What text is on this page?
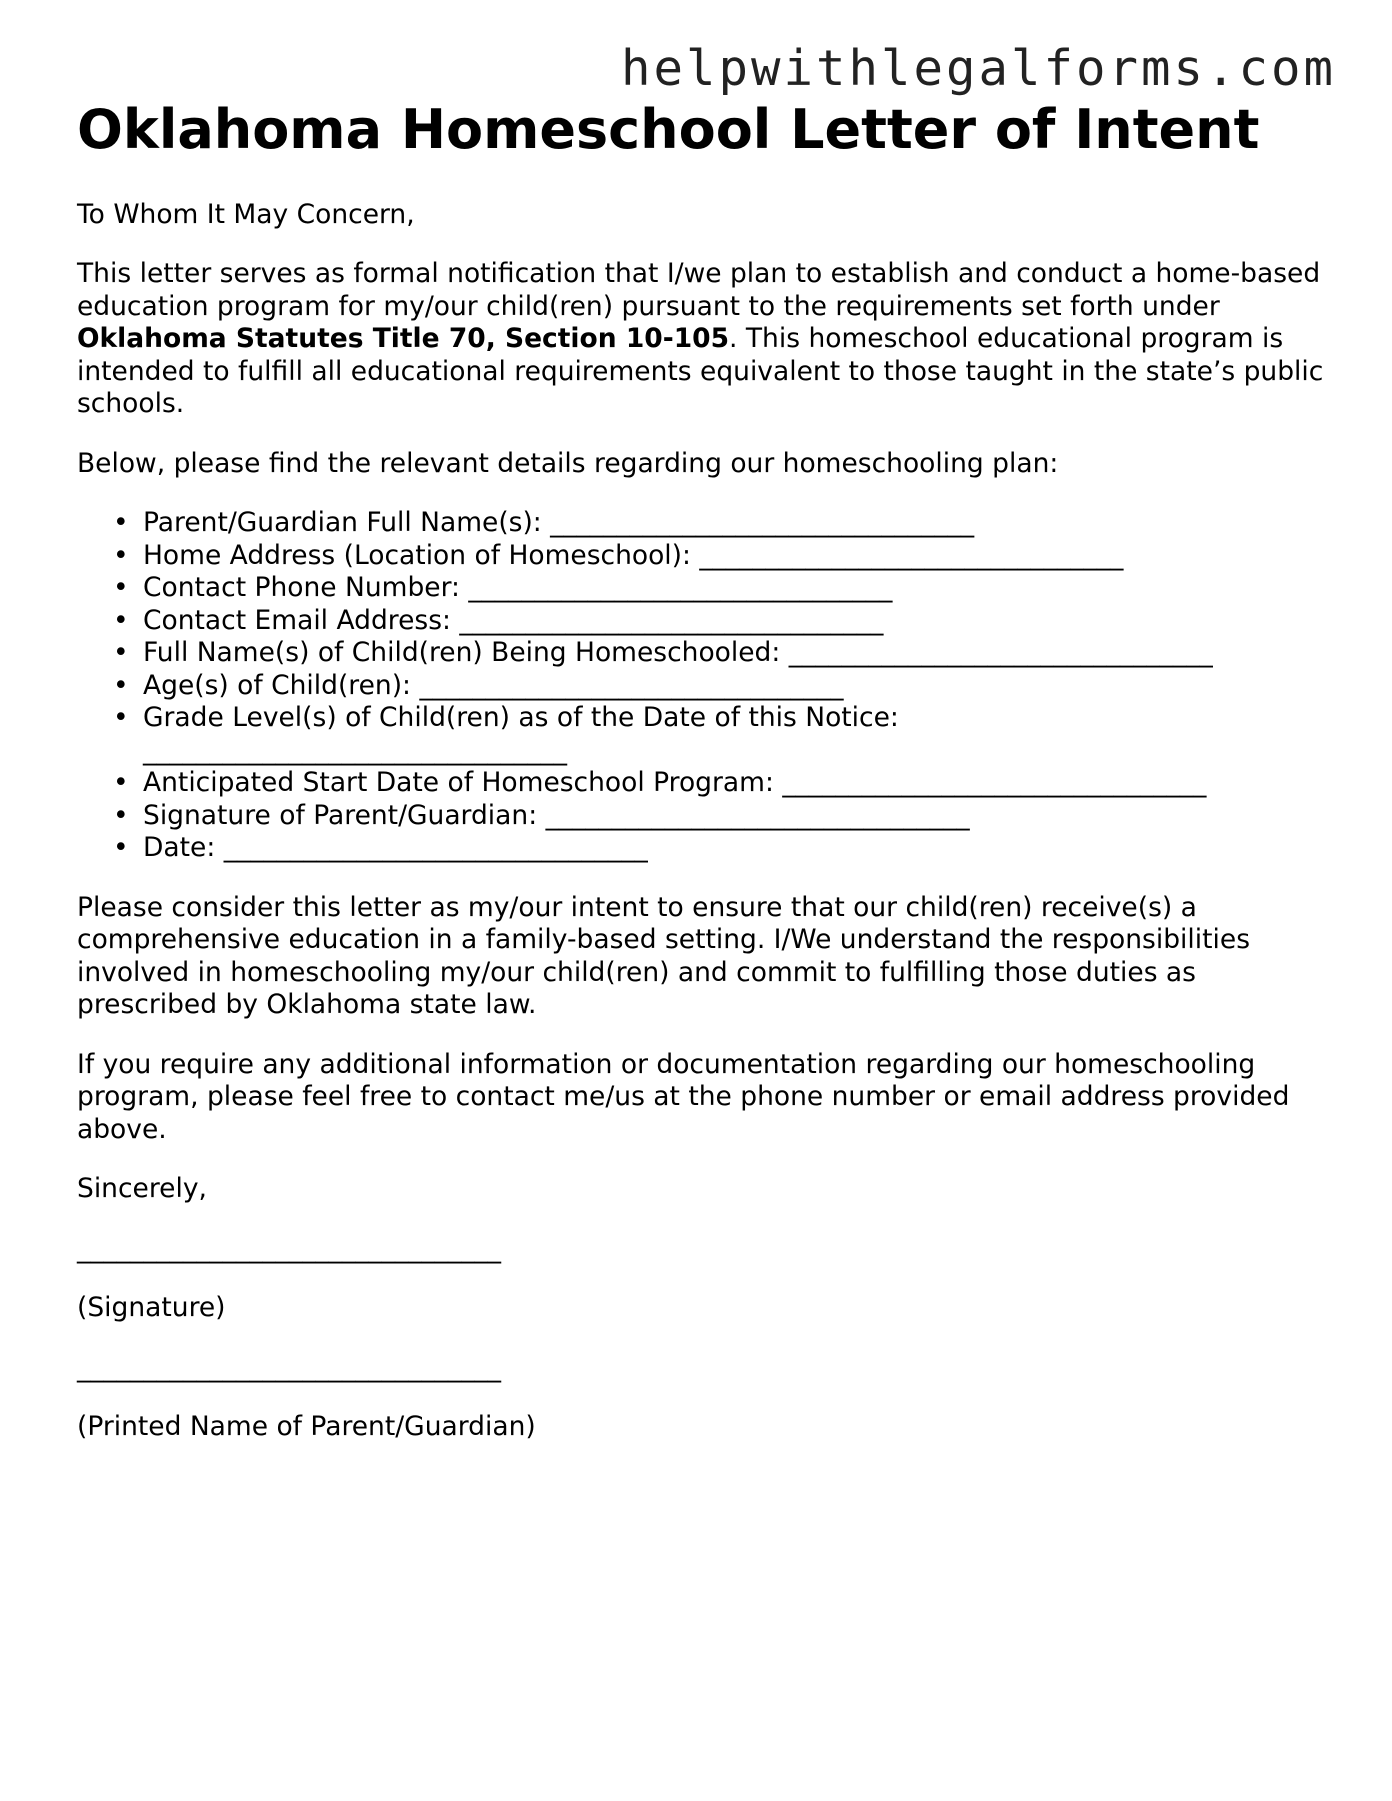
helpwithlegalforms.com
Oklahoma Homeschool Letter of Intent

To Whom It May Concern,

This letter serves as formal notification that I/we plan to establish and conduct a home-based education program for my/our child(ren) pursuant to the requirements set forth under Oklahoma Statutes Title 70, Section 10-105. This homeschool educational program is intended to fulfill all educational requirements equivalent to those taught in the state’s public schools.

Below, please find the relevant details regarding our homeschooling plan:

• Parent/Guardian Full Name(s): ________________________________
• Home Address (Location of Homeschool): ________________________________
• Contact Phone Number: ________________________________
• Contact Email Address: ________________________________
• Full Name(s) of Child(ren) Being Homeschooled: ________________________________
• Age(s) of Child(ren): ________________________________
• Grade Level(s) of Child(ren) as of the Date of this Notice:
________________________________
• Anticipated Start Date of Homeschool Program: ________________________________
• Signature of Parent/Guardian: ________________________________
• Date: ________________________________

Please consider this letter as my/our intent to ensure that our child(ren) receive(s) a comprehensive education in a family-based setting. I/We understand the responsibilities involved in homeschooling my/our child(ren) and commit to fulfilling those duties as prescribed by Oklahoma state law.

If you require any additional information or documentation regarding our homeschooling program, please feel free to contact me/us at the phone number or email address provided above.

Sincerely,

________________________________

(Signature)

________________________________

(Printed Name of Parent/Guardian)
